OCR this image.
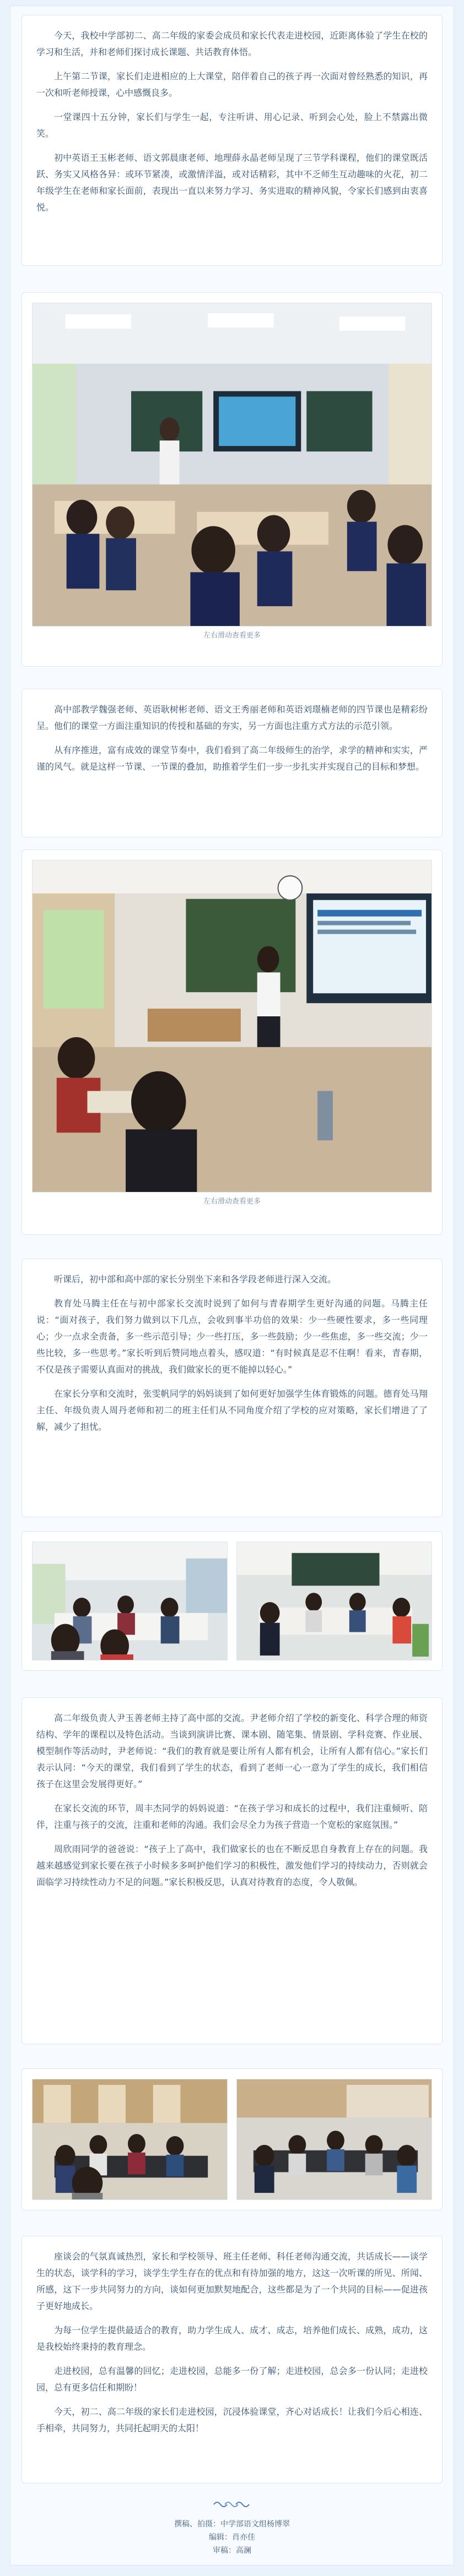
今天，我校中学部初二、高二年级的家委会成员和家长代表走进校园，近距离体验了学生在校的学习和生活，并和老师们探讨成长课题、共话教育体悟。

上午第二节课，家长们走进相应的上大课堂，陪伴着自己的孩子再一次面对曾经熟悉的知识，再一次和听老师授课，心中感慨良多。

一堂课四十五分钟，家长们与学生一起，专注听讲、用心记录、听到会心处，脸上不禁露出微笑。

初中英语王玉彬老师、语文郭晨康老师、地理薛永晶老师呈现了三节学科课程，他们的课堂既活跃、务实又风格各异：或环节紧凑，或激情洋溢，或对话精彩，其中不乏师生互动趣味的火花，初二年级学生在老师和家长面前，表现出一直以来努力学习、务实进取的精神风貌，令家长们感到由衷喜悦。

左右滑动查看更多

高中部教学魏强老师、英语耿树彬老师、语文王秀丽老师和英语刘璟楠老师的四节课也是精彩纷呈。他们的课堂一方面注重知识的传授和基础的夯实，另一方面也注重方式方法的示范引领。

从有序推进，富有成效的课堂节奏中，我们看到了高二年级师生的治学，求学的精神和实实，严谨的风气。就是这样一节课、一节课的叠加，助推着学生们一步一步扎实并实现自己的目标和梦想。

左右滑动查看更多

听课后，初中部和高中部的家长分别坐下来和各学段老师进行深入交流。

教育处马腾主任在与初中部家长交流时说到了如何与青春期学生更好沟通的问题。马腾主任说：“面对孩子，我们努力做到以下几点，会收到事半功倍的效果：少一些硬性要求，多一些同理心；少一点求全责备，多一些示范引导；少一些打压，多一些鼓励；少一些焦虑，多一些交流；少一些比较，多一些思考。”家长听到后赞同地点着头，感叹道：“有时候真是忍不住啊！看来，青春期，不仅是孩子需要认真面对的挑战，我们做家长的更不能掉以轻心。”

在家长分享和交流时，张雯帆同学的妈妈谈到了如何更好加强学生体育锻炼的问题。德育处马翔主任、年级负责人周丹老师和初二的班主任们从不同角度介绍了学校的应对策略，家长们增进了了解，减少了担忧。

高二年级负责人尹玉善老师主持了高中部的交流。尹老师介绍了学校的新变化、科学合理的师资结构、学年的课程以及特色活动。当谈到演讲比赛、课本剧、随笔集、情景剧、学科竞赛、作业展、模型制作等活动时，尹老师说：“我们的教育就是要让所有人都有机会，让所有人都有信心。”家长们表示认同：“今天的课堂，我们看到了学生的状态，看到了老师一心一意为了学生的成长，我们相信孩子在这里会发展得更好。”

在家长交流的环节，周丰杰同学的妈妈说道：“在孩子学习和成长的过程中，我们注重倾听、陪伴，注重与孩子的交流，注重和老师的沟通。我们会尽全力为孩子营造一个宽松的家庭氛围。”

周欣雨同学的爸爸说：“孩子上了高中，我们做家长的也在不断反思自身教育上存在的问题。我越来越感觉到家长要在孩子小时候多多呵护他们学习的积极性，激发他们学习的持续动力，否则就会面临学习持续性动力不足的问题。”家长积极反思，认真对待教育的态度，令人敬佩。

座谈会的气氛真诚热烈，家长和学校领导、班主任老师、科任老师沟通交流，共话成长——谈学生的状态，谈学科的学习，谈学生学生存在的优点和有待加强的地方，这这一次听课的所见、所闻、所感，这下一步共同努力的方向，谈如何更加默契地配合，这些都是为了一个共同的目标——促进孩子更好地成长。

为每一位学生提供最适合的教育，助力学生成人、成才、成志，培养他们成长、成熟，成功，这是我校始终秉持的教育理念。

走进校园，总有温馨的回忆；走进校园，总能多一份了解；走进校园，总会多一份认同；走进校园，总有更多信任和期盼！

今天，初二、高二年级的家长们走进校园，沉浸体验课堂，齐心对话成长！让我们今后心相连、手相牵，共同努力，共同托起明天的太阳！

撰稿、拍摄：中学部语文组杨博翠
编辑：肖亦佳
审稿：高澜
